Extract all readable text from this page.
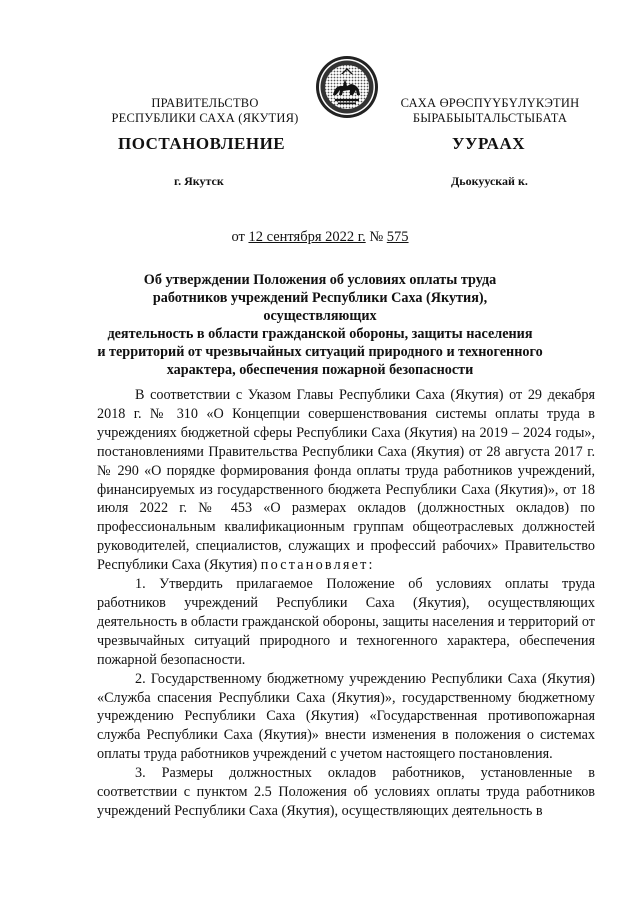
ПРАВИТЕЛЬСТВО
РЕСПУБЛИКИ САХА (ЯКУТИЯ)
САХА ӨРӨСПҮҮБҮЛҮКЭТИН
БЫРАБЫЫТАЛЬСТЫБАТА
ПОСТАНОВЛЕНИЕ	УУРААХ
г. Якутск	Дьокуускай к.
от 12 сентября 2022 г. № 575
Об утверждении Положения об условиях оплаты труда
работников учреждений Республики Саха (Якутия), осуществляющих
деятельность в области гражданской обороны, защиты населения
и территорий от чрезвычайных ситуаций природного и техногенного
характера, обеспечения пожарной безопасности

В соответствии с Указом Главы Республики Саха (Якутия) от 29 декабря 2018 г. № 310 «О Концепции совершенствования системы оплаты труда в учреждениях бюджетной сферы Республики Саха (Якутия) на 2019 – 2024 годы», постановлениями Правительства Республики Саха (Якутия) от 28 августа 2017 г. № 290 «О порядке формирования фонда оплаты труда работников учреждений, финансируемых из государственного бюджета Республики Саха (Якутия)», от 18 июля 2022 г. № 453 «О размерах окладов (должностных окладов) по профессиональным квалификационным группам общеотраслевых должностей руководителей, специалистов, служащих и профессий рабочих» Правительство Республики Саха (Якутия) постановляет:

1. Утвердить прилагаемое Положение об условиях оплаты труда работников учреждений Республики Саха (Якутия), осуществляющих деятельность в области гражданской обороны, защиты населения и территорий от чрезвычайных ситуаций природного и техногенного характера, обеспечения пожарной безопасности.

2. Государственному бюджетному учреждению Республики Саха (Якутия) «Служба спасения Республики Саха (Якутия)», государственному бюджетному учреждению Республики Саха (Якутия) «Государственная противопожарная служба Республики Саха (Якутия)» внести изменения в положения о системах оплаты труда работников учреждений с учетом настоящего постановления.

3. Размеры должностных окладов работников, установленные в соответствии с пунктом 2.5 Положения об условиях оплаты труда работников учреждений Республики Саха (Якутия), осуществляющих деятельность в
